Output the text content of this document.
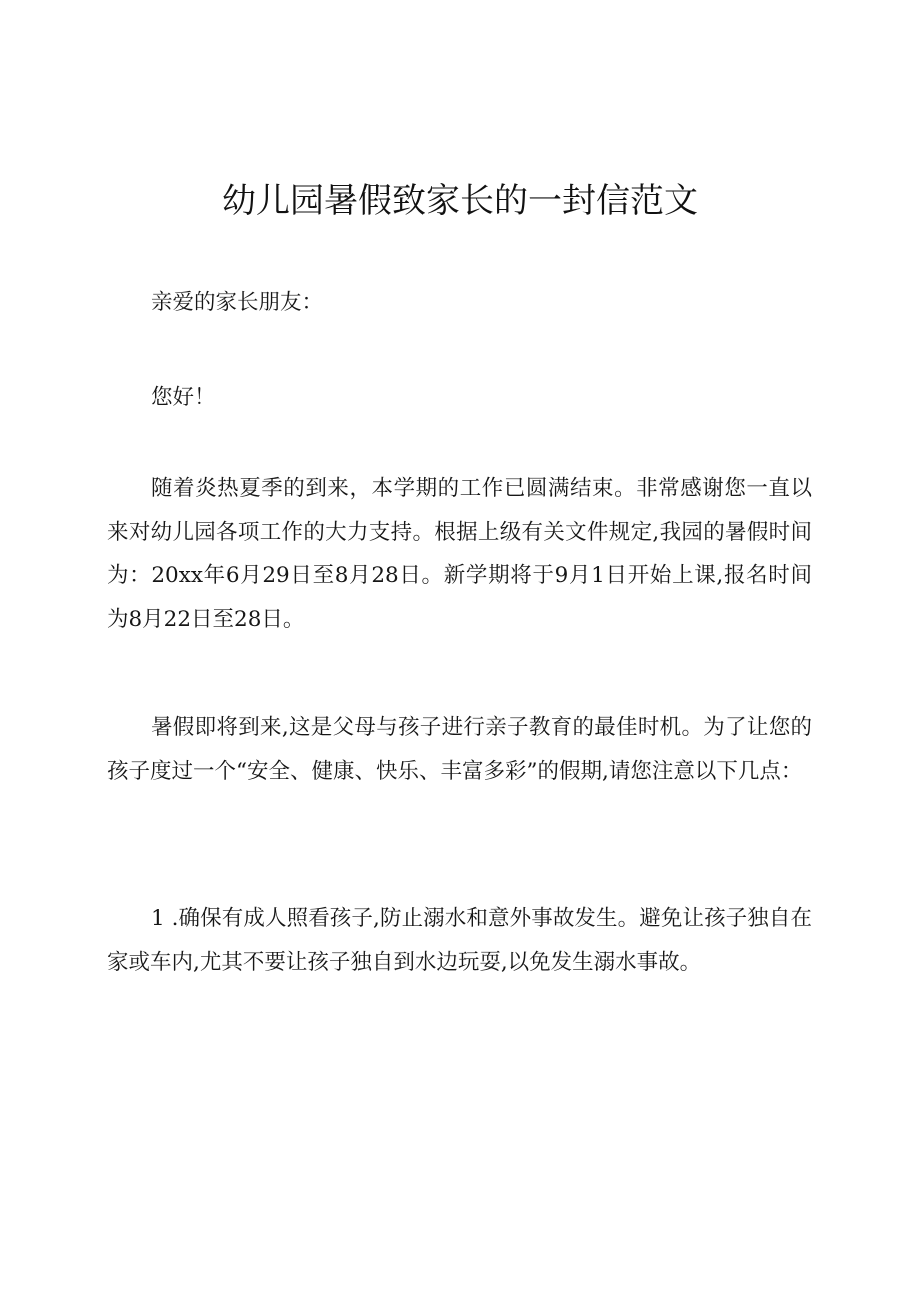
幼儿园暑假致家长的一封信范文

亲爱的家长朋友：

您好！

随着炎热夏季的到来，本学期的工作已圆满结束。非常感谢您一直以来对幼儿园各项工作的大力支持。根据上级有关文件规定,我园的暑假时间为：20xx年6月29日至8月28日。新学期将于9月1日开始上课,报名时间为8月22日至28日。

暑假即将到来,这是父母与孩子进行亲子教育的最佳时机。为了让您的孩子度过一个“安全、健康、快乐、丰富多彩”的假期,请您注意以下几点：

1 .确保有成人照看孩子,防止溺水和意外事故发生。避免让孩子独自在家或车内,尤其不要让孩子独自到水边玩耍,以免发生溺水事故。
